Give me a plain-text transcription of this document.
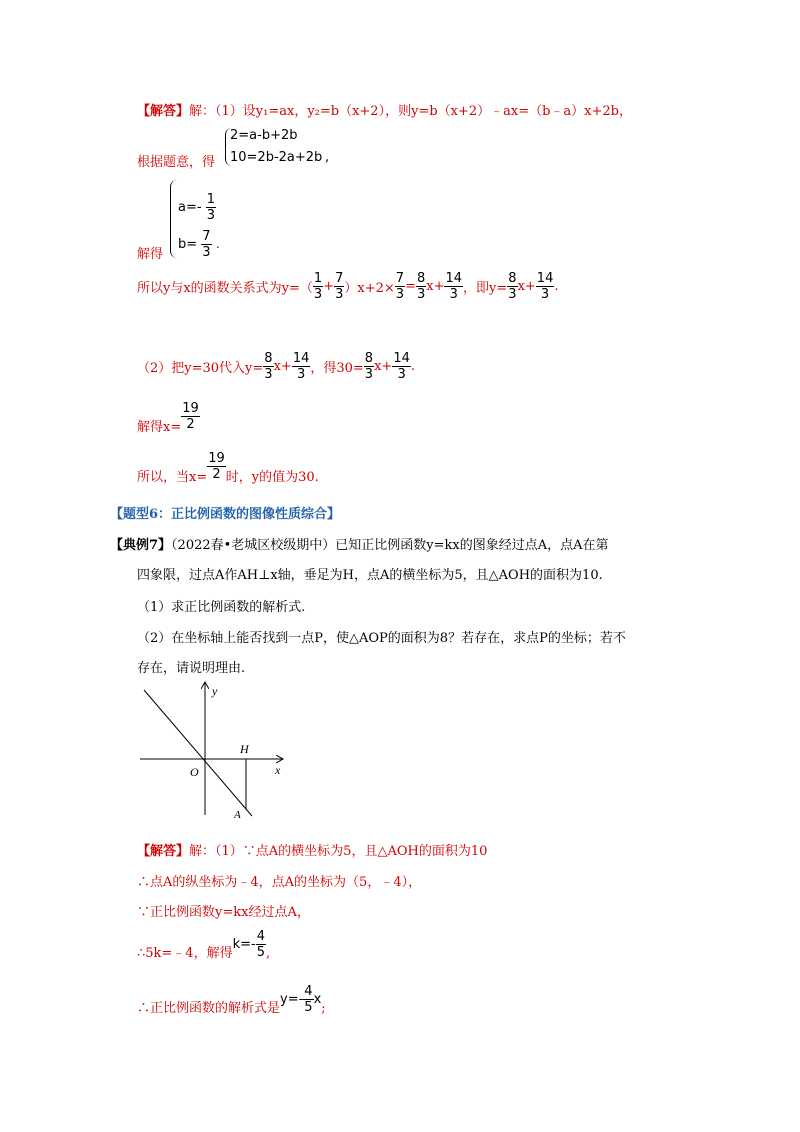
【解答】解：（1）设y₁=ax，y₂=b（x+2），则y=b（x+2）﹣ax=（b﹣a）x+2b，
根据题意，得
2=a-b+2b
10=2b-2a+2b ,
$a=- \frac{1}{3}$
$b= \frac{7}{3}$ .
解得
所以y与x的函数关系式为$y=( \frac{1}{3} + \frac{7}{3} )x+2\times \frac{7}{3} = \frac{8}{3} x+ \frac{14}{3}$ ，即$y= \frac{8}{3} x+ \frac{14}{3}$ .
（2）把y=30代入$y= \frac{8}{3} x+ \frac{14}{3}$ ，得$30= \frac{8}{3} x+ \frac{14}{3}$ .
解得$x= \frac{19}{2}$
所以，当$x= \frac{19}{2}$ 时，y的值为30.
【题型6：正比例函数的图像性质综合】
【典例7】（2022春•老城区校级期中）已知正比例函数y=kx的图象经过点A，点A在第
四象限，过点A作AH⊥x轴，垂足为H，点A的横坐标为5，且△AOH的面积为10.
（1）求正比例函数的解析式.
（2）在坐标轴上能否找到一点P，使△AOP的面积为8？若存在，求点P的坐标；若不
存在，请说明理由.
y
x
O
H
A
【解答】解：（1）∵点A的横坐标为5，且△AOH的面积为10
∴点A的纵坐标为﹣4，点A的坐标为（5，﹣4），
∵正比例函数y=kx经过点A，
∴5k=﹣4，解得
$k=- \frac{4}{5}$ ,
∴正比例函数的解析式是
$y=- \frac{4}{5}$ x
;
